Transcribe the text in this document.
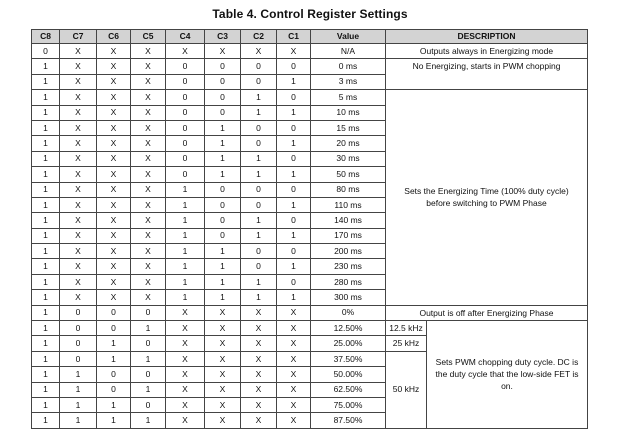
Table 4. Control Register Settings
C8	C7	C6	C5	C4	C3	C2	C1	Value	DESCRIPTION	
0	X	X	X	X	X	X	X	N/A	Outputs always in Energizing mode	
1	X	X	X	0	0	0	0	0 ms	No Energizing, starts in PWM chopping	
1	X	X	X	0	0	0	1	3 ms		
1	X	X	X	0	0	1	0	5 ms	Sets the Energizing Time (100% duty cycle) before switching to PWM Phase	
1	X	X	X	0	0	1	1	10 ms		
1	X	X	X	0	1	0	0	15 ms		
1	X	X	X	0	1	0	1	20 ms		
1	X	X	X	0	1	1	0	30 ms		
1	X	X	X	0	1	1	1	50 ms		
1	X	X	X	1	0	0	0	80 ms		
1	X	X	X	1	0	0	1	110 ms		
1	X	X	X	1	0	1	0	140 ms		
1	X	X	X	1	0	1	1	170 ms		
1	X	X	X	1	1	0	0	200 ms		
1	X	X	X	1	1	0	1	230 ms		
1	X	X	X	1	1	1	0	280 ms		
1	X	X	X	1	1	1	1	300 ms		
1	0	0	0	X	X	X	X	0%	Output is off after Energizing Phase	
1	0	0	1	X	X	X	X	12.50%	12.5 kHz	Sets PWM chopping duty cycle. DC is the duty cycle that the low-side FET is on.
1	0	1	0	X	X	X	X	25.00%	25 kHz	
1	0	1	1	X	X	X	X	37.50%	50 kHz	
1	1	0	0	X	X	X	X	50.00%		
1	1	0	1	X	X	X	X	62.50%		
1	1	1	0	X	X	X	X	75.00%		
1	1	1	1	X	X	X	X	87.50%		
